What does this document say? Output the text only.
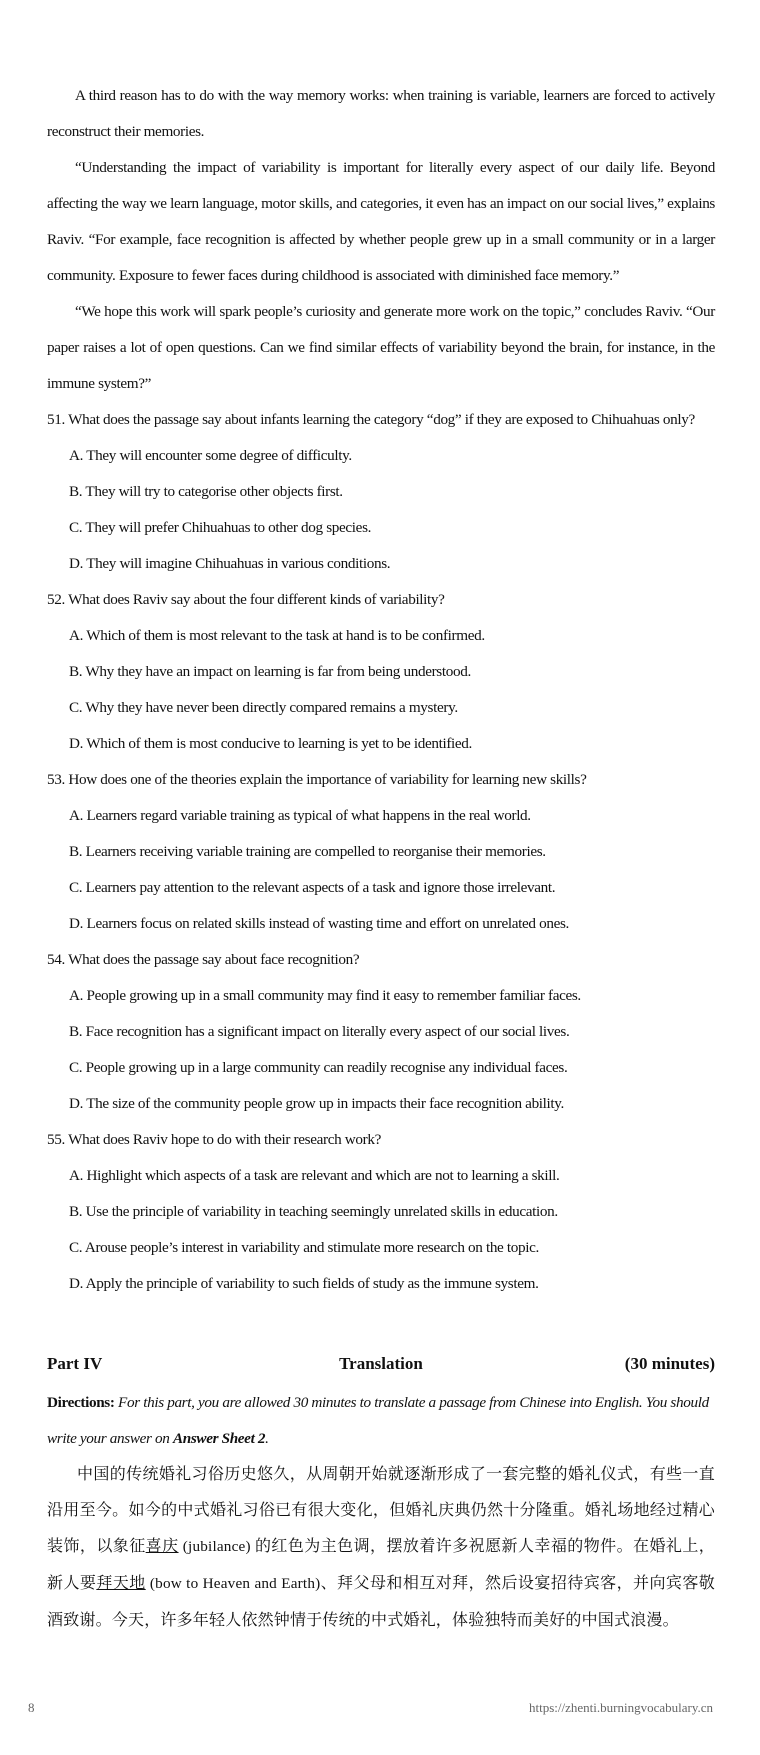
A third reason has to do with the way memory works: when training is variable, learners are forced to actively reconstruct their memories.

“Understanding the impact of variability is important for literally every aspect of our daily life. Beyond affecting the way we learn language, motor skills, and categories, it even has an impact on our social lives,” explains Raviv. “For example, face recognition is affected by whether people grew up in a small community or in a larger community. Exposure to fewer faces during childhood is associated with diminished face memory.”

“We hope this work will spark people’s curiosity and generate more work on the topic,” concludes Raviv. “Our paper raises a lot of open questions. Can we find similar effects of variability beyond the brain, for instance, in the immune system?”

51. What does the passage say about infants learning the category “dog” if they are exposed to Chihuahuas only?

A. They will encounter some degree of difficulty.

B. They will try to categorise other objects first.

C. They will prefer Chihuahuas to other dog species.

D. They will imagine Chihuahuas in various conditions.

52. What does Raviv say about the four different kinds of variability?

A. Which of them is most relevant to the task at hand is to be confirmed.

B. Why they have an impact on learning is far from being understood.

C. Why they have never been directly compared remains a mystery.

D. Which of them is most conducive to learning is yet to be identified.

53. How does one of the theories explain the importance of variability for learning new skills?

A. Learners regard variable training as typical of what happens in the real world.

B. Learners receiving variable training are compelled to reorganise their memories.

C. Learners pay attention to the relevant aspects of a task and ignore those irrelevant.

D. Learners focus on related skills instead of wasting time and effort on unrelated ones.

54. What does the passage say about face recognition?

A. People growing up in a small community may find it easy to remember familiar faces.

B. Face recognition has a significant impact on literally every aspect of our social lives.

C. People growing up in a large community can readily recognise any individual faces.

D. The size of the community people grow up in impacts their face recognition ability.

55. What does Raviv hope to do with their research work?

A. Highlight which aspects of a task are relevant and which are not to learning a skill.

B. Use the principle of variability in teaching seemingly unrelated skills in education.

C. Arouse people’s interest in variability and stimulate more research on the topic.

D. Apply the principle of variability to such fields of study as the immune system.

Part IV	Translation	(30 minutes)

Directions: For this part, you are allowed 30 minutes to translate a passage from Chinese into English. You should write your answer on Answer Sheet 2.

中国的传统婚礼习俗历史悠久，从周朝开始就逐渐形成了一套完整的婚礼仪式，有些一直沿用至今。如今的中式婚礼习俗已有很大变化，但婚礼庆典仍然十分隆重。婚礼场地经过精心装饰，以象征喜庆 (jubilance) 的红色为主色调，摆放着许多祝愿新人幸福的物件。在婚礼上，新人要拜天地 (bow to Heaven and Earth)、拜父母和相互对拜，然后设宴招待宾客，并向宾客敬酒致谢。今天，许多年轻人依然钟情于传统的中式婚礼，体验独特而美好的中国式浪漫。

8	https://zhenti.burningvocabulary.cn
